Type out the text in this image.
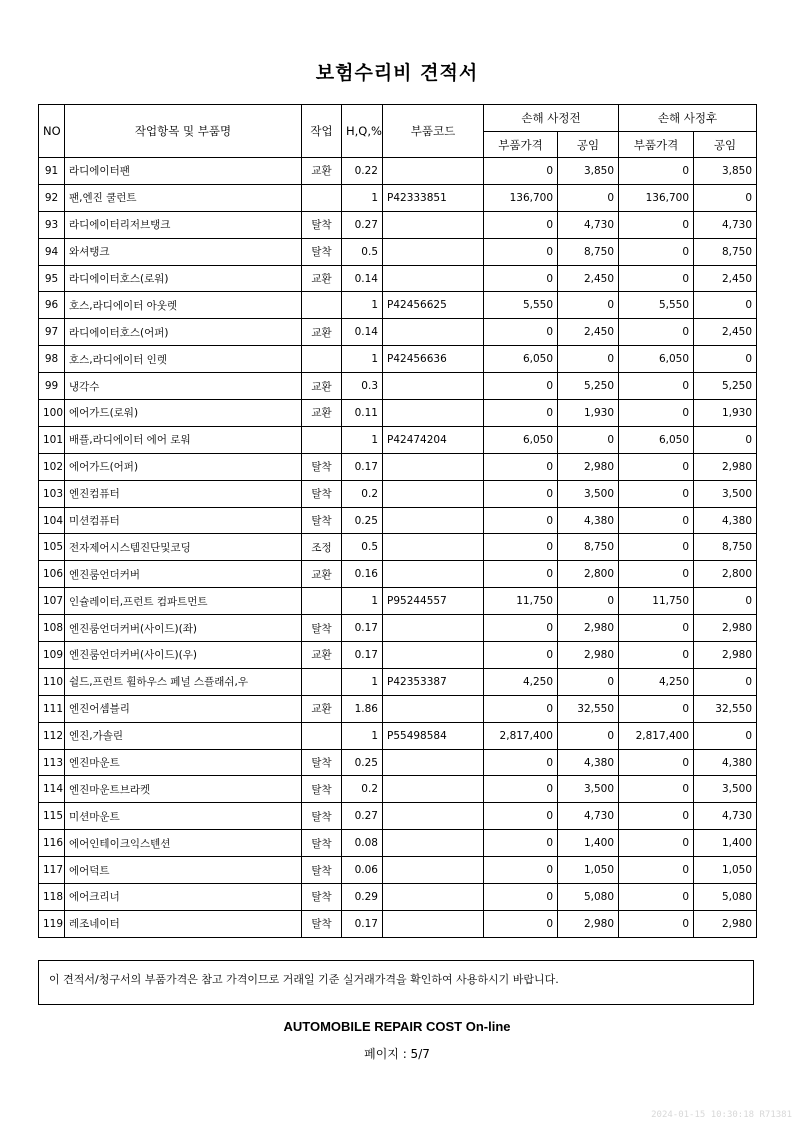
보험수리비 견적서
NO	작업항목 및 부품명	작업	H,Q,%	부품코드	손해 사정전		손해 사정후	
					부품가격	공임	부품가격	공임
91	라디에이터팬	교환	0.22		0	3,850	0	3,850
92	팬,엔진 쿨런트		1	P42333851	136,700	0	136,700	0
93	라디에이터리저브탱크	탈착	0.27		0	4,730	0	4,730
94	와셔탱크	탈착	0.5		0	8,750	0	8,750
95	라디에이터호스(로워)	교환	0.14		0	2,450	0	2,450
96	호스,라디에이터 아웃렛		1	P42456625	5,550	0	5,550	0
97	라디에이터호스(어퍼)	교환	0.14		0	2,450	0	2,450
98	호스,라디에이터 인렛		1	P42456636	6,050	0	6,050	0
99	냉각수	교환	0.3		0	5,250	0	5,250
100	에어가드(로워)	교환	0.11		0	1,930	0	1,930
101	배플,라디에이터 에어 로워		1	P42474204	6,050	0	6,050	0
102	에어가드(어퍼)	탈착	0.17		0	2,980	0	2,980
103	엔진컴퓨터	탈착	0.2		0	3,500	0	3,500
104	미션컴퓨터	탈착	0.25		0	4,380	0	4,380
105	전자제어시스템진단및코딩	조정	0.5		0	8,750	0	8,750
106	엔진룸언더커버	교환	0.16		0	2,800	0	2,800
107	인슐레이터,프런트 컴파트먼트		1	P95244557	11,750	0	11,750	0
108	엔진룸언더커버(사이드)(좌)	탈착	0.17		0	2,980	0	2,980
109	엔진룸언더커버(사이드)(우)	교환	0.17		0	2,980	0	2,980
110	쉴드,프런트 휠하우스 페널 스플래쉬,우		1	P42353387	4,250	0	4,250	0
111	엔진어셈블리	교환	1.86		0	32,550	0	32,550
112	엔진,가솔린		1	P55498584	2,817,400	0	2,817,400	0
113	엔진마운트	탈착	0.25		0	4,380	0	4,380
114	엔진마운트브라켓	탈착	0.2		0	3,500	0	3,500
115	미션마운트	탈착	0.27		0	4,730	0	4,730
116	에어인테이크익스텐션	탈착	0.08		0	1,400	0	1,400
117	에어덕트	탈착	0.06		0	1,050	0	1,050
118	에어크리너	탈착	0.29		0	5,080	0	5,080
119	레조네이터	탈착	0.17		0	2,980	0	2,980
이 견적서/청구서의 부품가격은 참고 가격이므로 거래일 기준 실거래가격을 확인하여 사용하시기 바랍니다.
AUTOMOBILE REPAIR COST On-line
페이지 : 5/7
2024-01-15 10:30:18 R71381
